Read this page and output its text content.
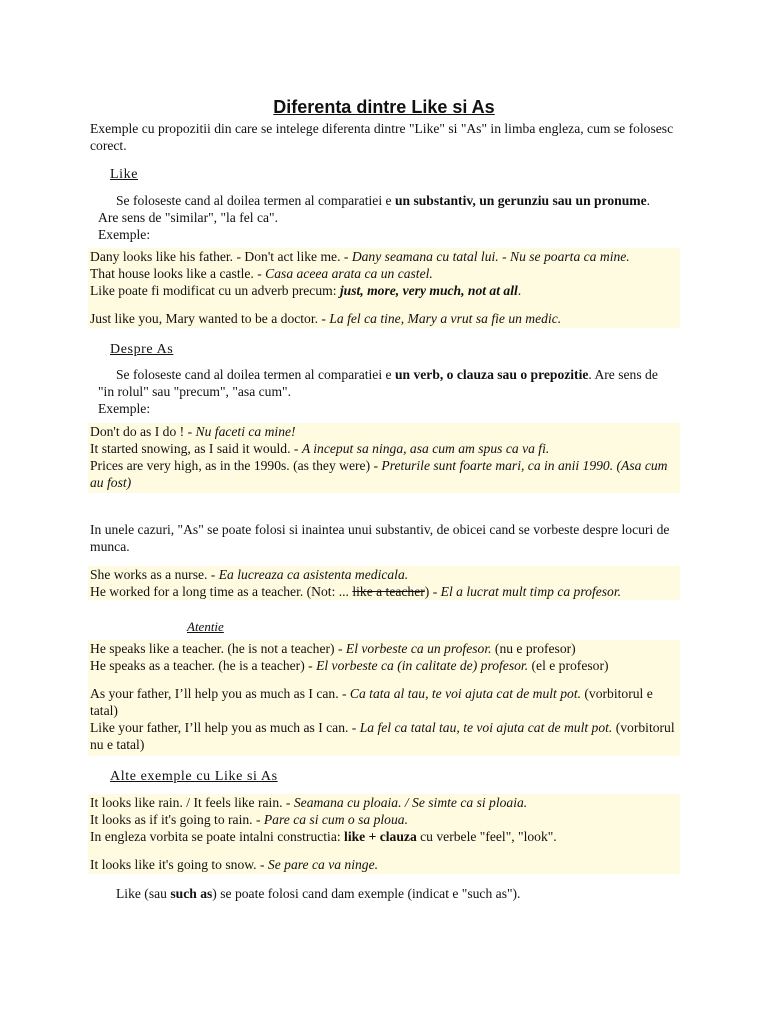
Diferenta dintre Like si As
Exemple cu propozitii din care se intelege diferenta dintre "Like" si "As" in limba engleza, cum se folosesc corect.
Like
Se foloseste cand al doilea termen al comparatiei e un substantiv, un gerunziu sau un pronume.
Are sens de "similar", "la fel ca".
Exemple:

Dany looks like his father. - Don't act like me. - Dany seamana cu tatal lui. - Nu se poarta ca mine.

That house looks like a castle. - Casa aceea arata ca un castel.

Like poate fi modificat cu un adverb precum: just, more, very much, not at all.

Just like you, Mary wanted to be a doctor. - La fel ca tine, Mary a vrut sa fie un medic.

Despre As
Se foloseste cand al doilea termen al comparatiei e un verb, o clauza sau o prepozitie. Are sens de
"in rolul" sau "precum", "asa cum".
Exemple:

Don't do as I do ! - Nu faceti ca mine!

It started snowing, as I said it would. - A inceput sa ninga, asa cum am spus ca va fi.

Prices are very high, as in the 1990s. (as they were) - Preturile sunt foarte mari, ca in anii 1990. (Asa cum au fost)

In unele cazuri, "As" se poate folosi si inaintea unui substantiv, de obicei cand se vorbeste despre locuri de munca.

She works as a nurse. - Ea lucreaza ca asistenta medicala.

He worked for a long time as a teacher. (Not: ... like a teacher) - El a lucrat mult timp ca profesor.

Atentie

He speaks like a teacher. (he is not a teacher) - El vorbeste ca un profesor. (nu e profesor)

He speaks as a teacher. (he is a teacher) - El vorbeste ca (in calitate de) profesor. (el e profesor)

As your father, I’ll help you as much as I can. - Ca tata al tau, te voi ajuta cat de mult pot. (vorbitorul e tatal)

Like your father, I’ll help you as much as I can. - La fel ca tatal tau, te voi ajuta cat de mult pot. (vorbitorul nu e tatal)

Alte exemple cu Like si As

It looks like rain. / It feels like rain. - Seamana cu ploaia. / Se simte ca si ploaia.

It looks as if it's going to rain. - Pare ca si cum o sa ploua.

In engleza vorbita se poate intalni constructia: like + clauza cu verbele "feel", "look".

It looks like it's going to snow. - Se pare ca va ninge.

Like (sau such as) se poate folosi cand dam exemple (indicat e "such as").
